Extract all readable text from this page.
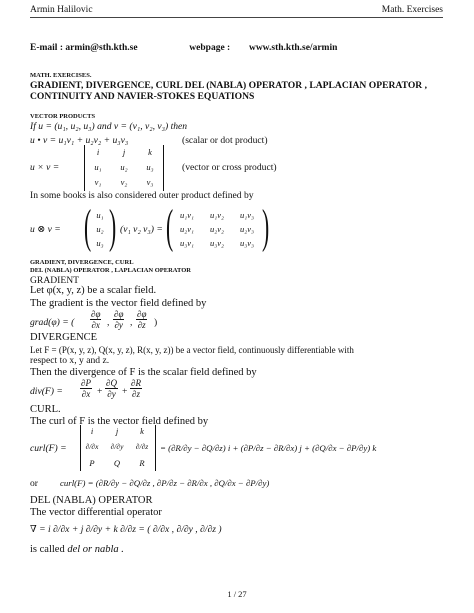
Armin Halilovic	Math. Exercises
E-mail : armin@sth.kth.se	webpage : www.sth.kth.se/armin
MATH. EXERCISES.
GRADIENT, DIVERGENCE, CURL DEL (NABLA) OPERATOR , LAPLACIAN OPERATOR , CONTINUITY AND NAVIER-STOKES EQUATIONS
VECTOR PRODUCTS
If u = (u₁, u₂, u₃) and v = (v₁, v₂, v₃) then
u • v = u₁v₁ + u₂v₂ + u₃v₃	(scalar or dot product)
u × v =
i	j	k
u₁	u₂	u₃
v₁	v₂	v₃
(vector or cross product)
In some books is also considered outer product defined by
u ⊗ v = ( u₁
u₂
u₃ ) (v₁ v₂ v₃) = ( u₁v₁	u₁v₂	u₁v₃
u₂v₁	u₂v₂	u₂v₃
u₃v₁	u₃v₂	u₃v₃ )
GRADIENT, DIVERGENCE, CURL
DEL (NABLA) OPERATOR , LAPLACIAN OPERATOR
GRADIENT
Let φ(x, y, z) be a scalar field.
The gradient is the vector field defined by
grad(φ) = ( $\frac{\partial\varphi}{\partial x}$ , $\frac{\partial\varphi}{\partial y}$ , $\frac{\partial\varphi}{\partial z}$ )
DIVERGENCE
Let F = (P(x, y, z), Q(x, y, z), R(x, y, z)) be a vector field, continuously differentiable with
respect to x, y and z.
Then the divergence of F is the scalar field defined by
$div(F) = \frac{\partial P}{\partial x} + \frac{\partial Q}{\partial y} + \frac{\partial R}{\partial z}$
CURL.
The curl of F is the vector field defined by
curl(F) =
i	j	k
∂/∂x	∂/∂y	∂/∂z
P	Q	R
= (∂R/∂y − ∂Q/∂z) i + (∂P/∂z − ∂R/∂x) j + (∂Q/∂x − ∂P/∂y) k
or	curl(F) = (∂R/∂y − ∂Q/∂z , ∂P/∂z − ∂R/∂x , ∂Q/∂x − ∂P/∂y)
DEL (NABLA) OPERATOR
The vector differential operator
∇ = i ∂/∂x + j ∂/∂y + k ∂/∂z = ( ∂/∂x , ∂/∂y , ∂/∂z )
is called del or nabla .
1 / 27
